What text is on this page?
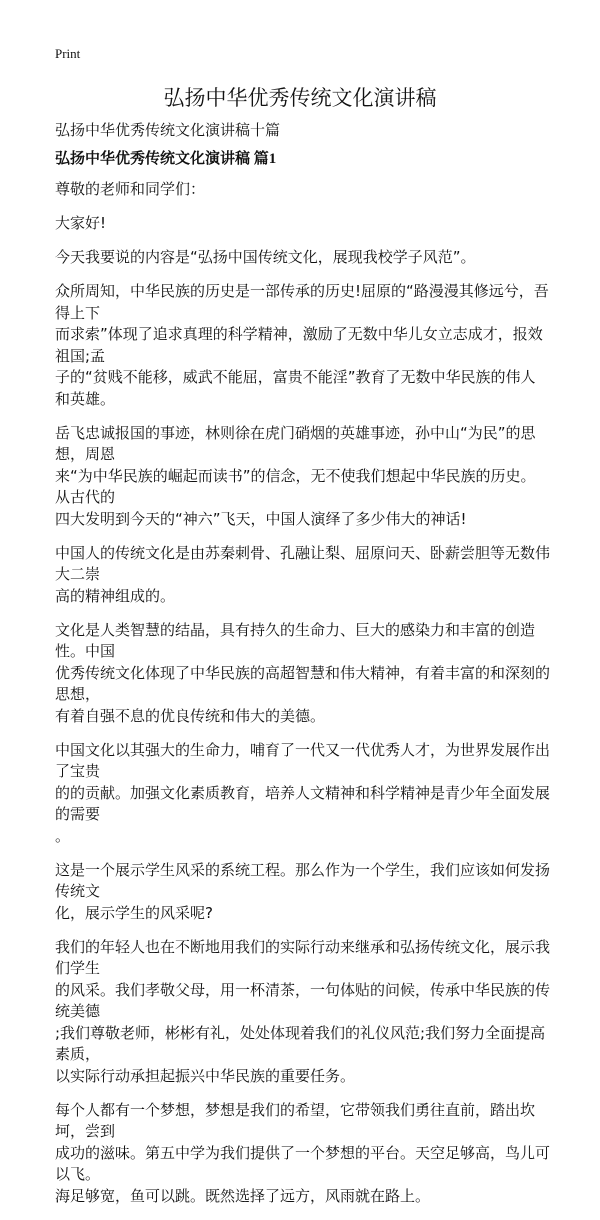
Print
弘扬中华优秀传统文化演讲稿
弘扬中华优秀传统文化演讲稿十篇
弘扬中华优秀传统文化演讲稿 篇1
尊敬的老师和同学们：
大家好!
今天我要说的内容是“弘扬中国传统文化，展现我校学子风范”。
众所周知，中华民族的历史是一部传承的历史!屈原的“路漫漫其修远兮，吾得上下
而求索”体现了追求真理的科学精神，激励了无数中华儿女立志成才，报效祖国;孟
子的“贫贱不能移，威武不能屈，富贵不能淫”教育了无数中华民族的伟人和英雄。
岳飞忠诚报国的事迹，林则徐在虎门硝烟的英雄事迹，孙中山“为民”的思想，周恩
来“为中华民族的崛起而读书”的信念，无不使我们想起中华民族的历史。从古代的
四大发明到今天的“神六”飞天，中国人演绎了多少伟大的神话!
中国人的传统文化是由苏秦刺骨、孔融让梨、屈原问天、卧薪尝胆等无数伟大二崇
高的精神组成的。
文化是人类智慧的结晶，具有持久的生命力、巨大的感染力和丰富的创造性。中国
优秀传统文化体现了中华民族的高超智慧和伟大精神，有着丰富的和深刻的思想，
有着自强不息的优良传统和伟大的美德。
中国文化以其强大的生命力，哺育了一代又一代优秀人才，为世界发展作出了宝贵
的的贡献。加强文化素质教育，培养人文精神和科学精神是青少年全面发展的需要
。
这是一个展示学生风采的系统工程。那么作为一个学生，我们应该如何发扬传统文
化，展示学生的风采呢?
我们的年轻人也在不断地用我们的实际行动来继承和弘扬传统文化，展示我们学生
的风采。我们孝敬父母，用一杯清茶，一句体贴的问候，传承中华民族的传统美德
;我们尊敬老师，彬彬有礼，处处体现着我们的礼仪风范;我们努力全面提高素质，
以实际行动承担起振兴中华民族的重要任务。
每个人都有一个梦想，梦想是我们的希望，它带领我们勇往直前，踏出坎坷，尝到
成功的滋味。第五中学为我们提供了一个梦想的平台。天空足够高，鸟儿可以飞。
海足够宽，鱼可以跳。既然选择了远方，风雨就在路上。
